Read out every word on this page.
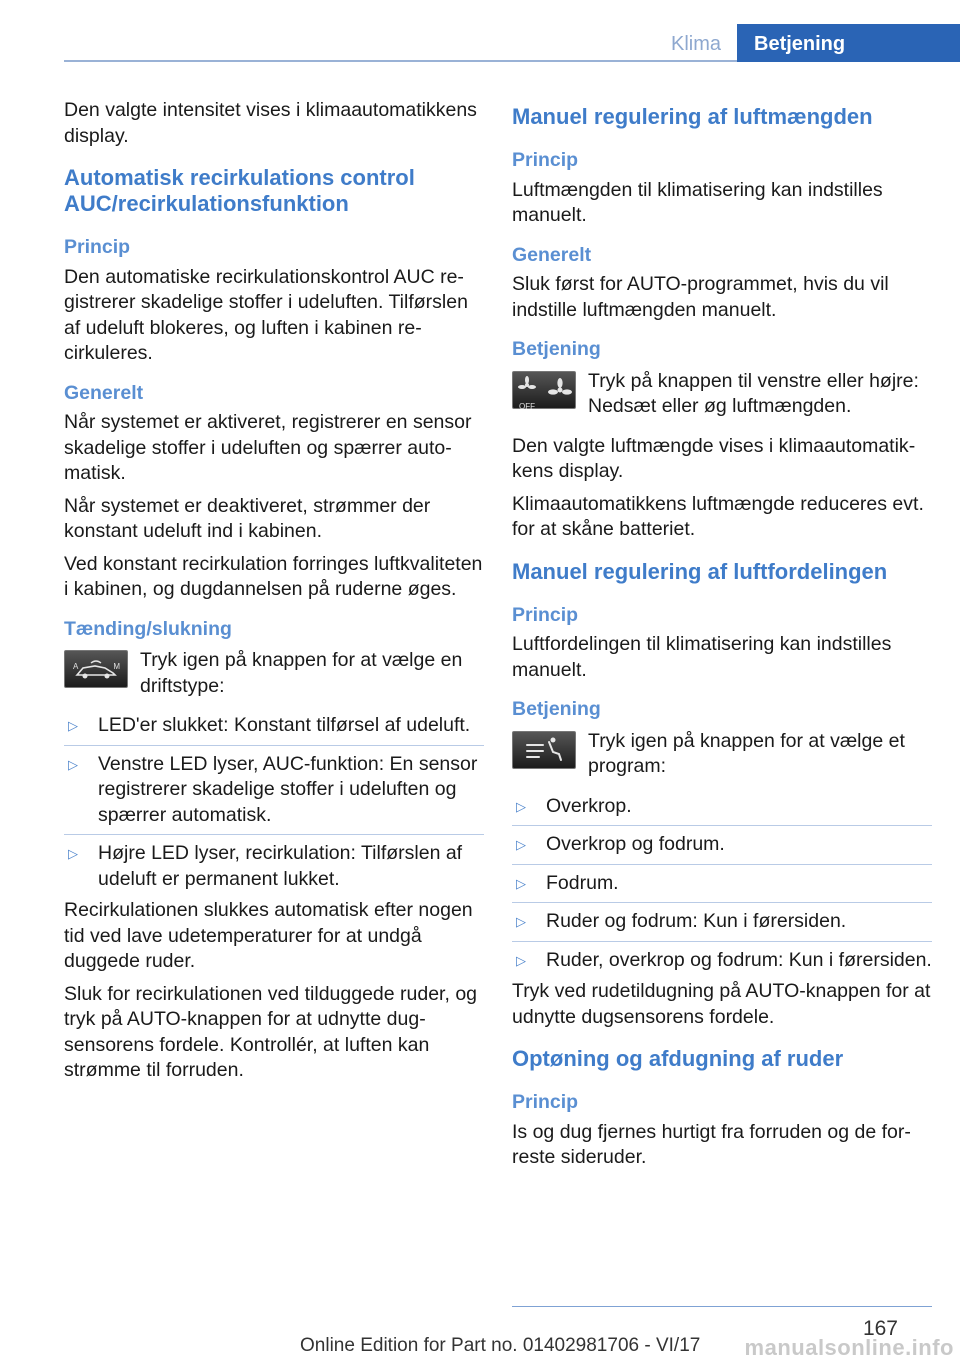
Klima	Betjening

Den valgte intensitet vises i klimaautomatikkens display.

Automatisk recirkulations control AUC/recirkulationsfunktion
Princip

Den automatiske recirkulationskontrol AUC registrerer skadelige stoffer i udeluften. Tilførslen af udeluft blokeres, og luften i kabinen recirkuleres.

Generelt

Når systemet er aktiveret, registrerer en sensor skadelige stoffer i udeluften og spærrer automatisk.

Når systemet er deaktiveret, strømmer der konstant udeluft ind i kabinen.

Ved konstant recirkulation forringes luftkvaliteten i kabinen, og dugdannelsen på ruderne øges.

Tænding/slukning
A	M Tryk igen på knappen for at vælge en driftstype:
▷ LED'er slukket: Konstant tilførsel af udeluft.
▷ Venstre LED lyser, AUC-funktion: En sensor registrerer skadelige stoffer i udeluften og spærrer automatisk.
▷ Højre LED lyser, recirkulation: Tilførslen af udeluft er permanent lukket.

Recirkulationen slukkes automatisk efter nogen tid ved lave udetemperaturer for at undgå duggede ruder.

Sluk for recirkulationen ved tilduggede ruder, og tryk på AUTO-knappen for at udnytte dugsensorens fordele. Kontrollér, at luften kan strømme til forruden.

Manuel regulering af luftmængden
Princip

Luftmængden til klimatisering kan indstilles manuelt.

Generelt

Sluk først for AUTO-programmet, hvis du vil indstille luftmængden manuelt.

Betjening
OFF
Tryk på knappen til venstre eller højre: Nedsæt eller øg luftmængden.

Den valgte luftmængde vises i klimaautomatikkens display.

Klimaautomatikkens luftmængde reduceres evt. for at skåne batteriet.

Manuel regulering af luftfordelingen
Princip

Luftfordelingen til klimatisering kan indstilles manuelt.

Betjening
Tryk igen på knappen for at vælge et program:
▷ Overkrop.
▷ Overkrop og fodrum.
▷ Fodrum.
▷ Ruder og fodrum: Kun i førersiden.
▷ Ruder, overkrop og fodrum: Kun i førersiden.

Tryk ved rudetildugning på AUTO-knappen for at udnytte dugsensorens fordele.

Optøning og afdugning af ruder
Princip

Is og dug fjernes hurtigt fra forruden og de forreste sideruder.

167
Online Edition for Part no. 01402981706 - VI/17 manualsonline.info
